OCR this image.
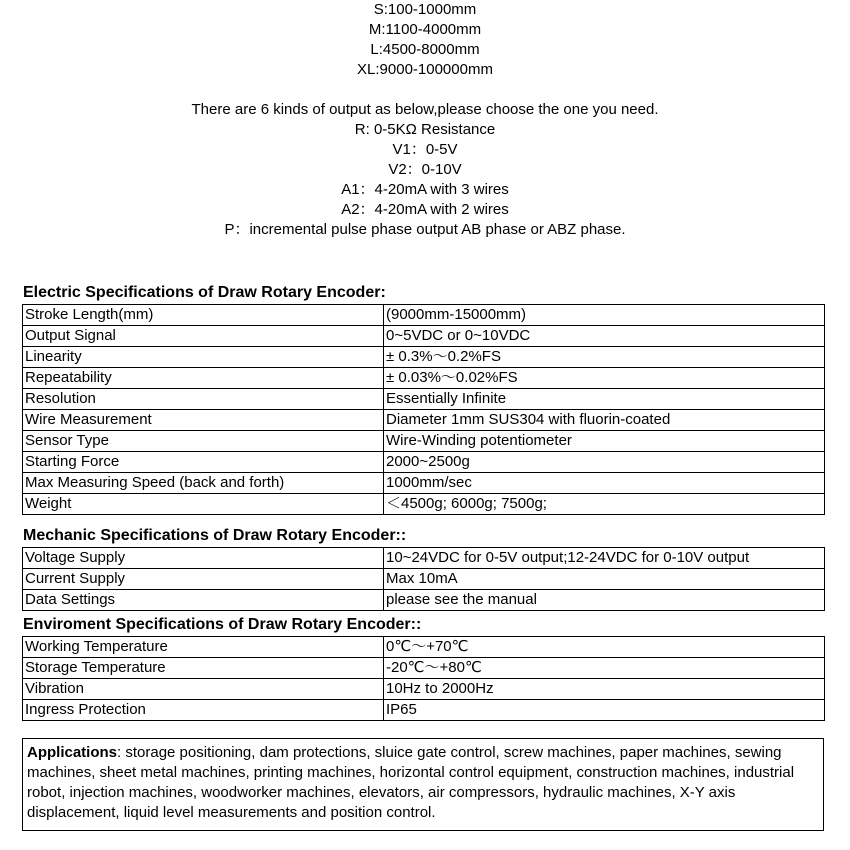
S:100-1000mm
M:1100-4000mm
L:4500-8000mm
XL:9000-100000mm
There are 6 kinds of output as below,please choose the one you need.
R: 0-5KΩ Resistance
V1：0-5V
V2：0-10V
A1：4-20mA with 3 wires
A2：4-20mA with 2 wires
P：incremental pulse phase output AB phase or ABZ phase.
Electric Specifications of Draw Rotary Encoder:
Stroke Length(mm)	(9000mm-15000mm)
Output Signal	0~5VDC or 0~10VDC
Linearity	± 0.3%～0.2%FS
Repeatability	± 0.03%～0.02%FS
Resolution	Essentially Infinite
Wire Measurement	Diameter 1mm SUS304 with fluorin-coated
Sensor Type	Wire-Winding potentiometer
Starting Force	2000~2500g
Max Measuring Speed (back and forth)	1000mm/sec
Weight	＜4500g; 6000g; 7500g;
Mechanic Specifications of Draw Rotary Encoder::
Voltage Supply	10~24VDC for 0-5V output;12-24VDC for 0-10V output
Current Supply	Max 10mA
Data Settings	please see the manual
Enviroment Specifications of Draw Rotary Encoder::
Working Temperature	0℃～+70℃
Storage Temperature	-20℃～+80℃
Vibration	10Hz to 2000Hz
Ingress Protection	IP65
Applications: storage positioning, dam protections, sluice gate control, screw machines, paper machines, sewing machines, sheet metal machines, printing machines, horizontal control equipment, construction machines, industrial robot, injection machines, woodworker machines, elevators, air compressors, hydraulic machines, X-Y axis displacement, liquid level measurements and position control.
